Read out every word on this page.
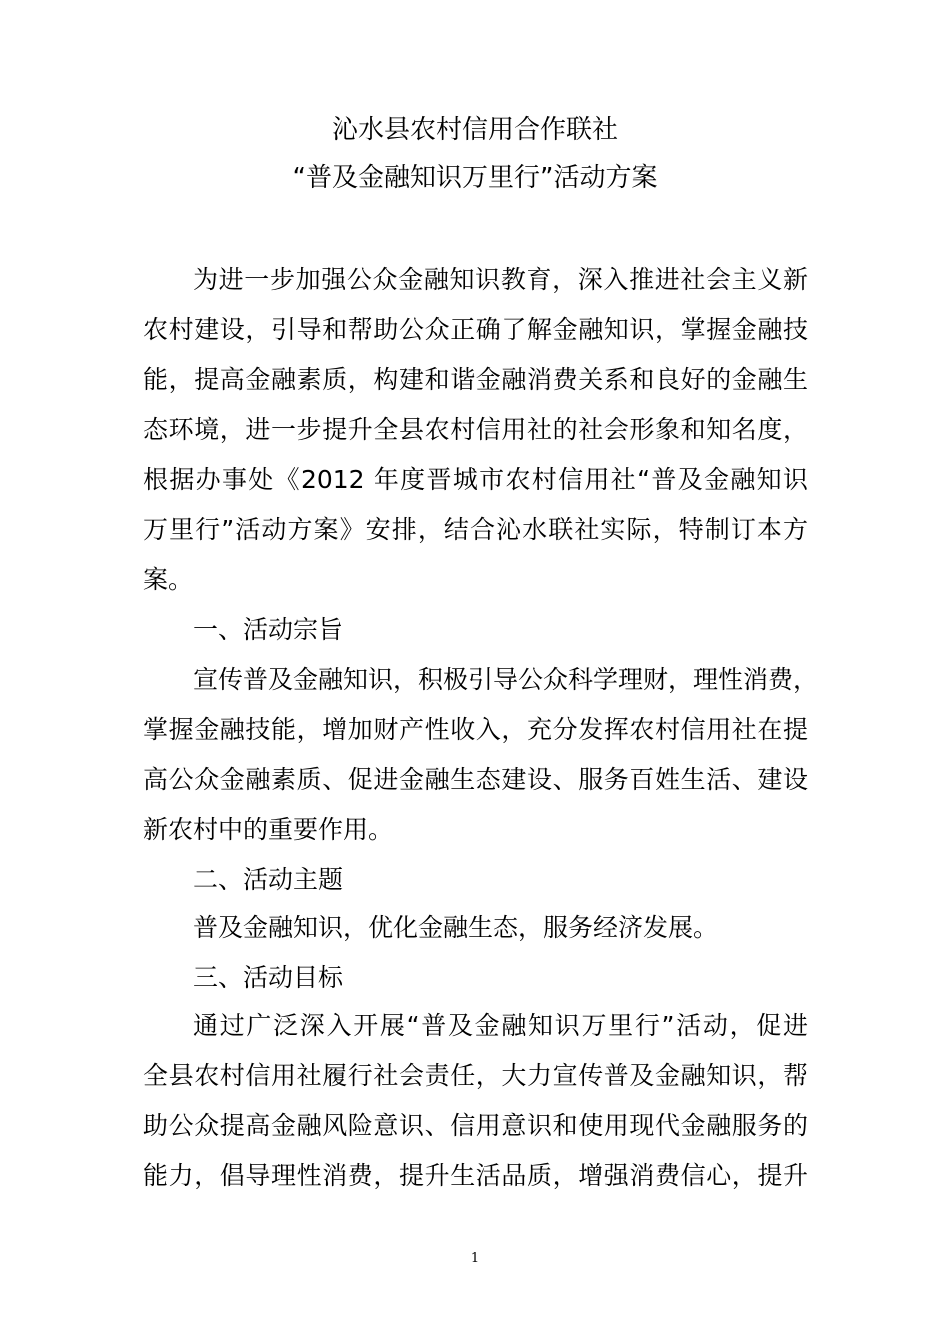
沁水县农村信用合作联社
“普及金融知识万里行”活动方案
为进一步加强公众金融知识教育，深入推进社会主义新
农村建设，引导和帮助公众正确了解金融知识，掌握金融技
能，提高金融素质，构建和谐金融消费关系和良好的金融生
态环境，进一步提升全县农村信用社的社会形象和知名度，
根据办事处《2012 年度晋城市农村信用社“普及金融知识
万里行”活动方案》安排，结合沁水联社实际，特制订本方
案。
一、活动宗旨
宣传普及金融知识，积极引导公众科学理财，理性消费，
掌握金融技能，增加财产性收入，充分发挥农村信用社在提
高公众金融素质、促进金融生态建设、服务百姓生活、建设
新农村中的重要作用。
二、活动主题
普及金融知识，优化金融生态，服务经济发展。
三、活动目标
通过广泛深入开展“普及金融知识万里行”活动，促进
全县农村信用社履行社会责任，大力宣传普及金融知识，帮
助公众提高金融风险意识、信用意识和使用现代金融服务的
能力，倡导理性消费，提升生活品质，增强消费信心，提升
1
